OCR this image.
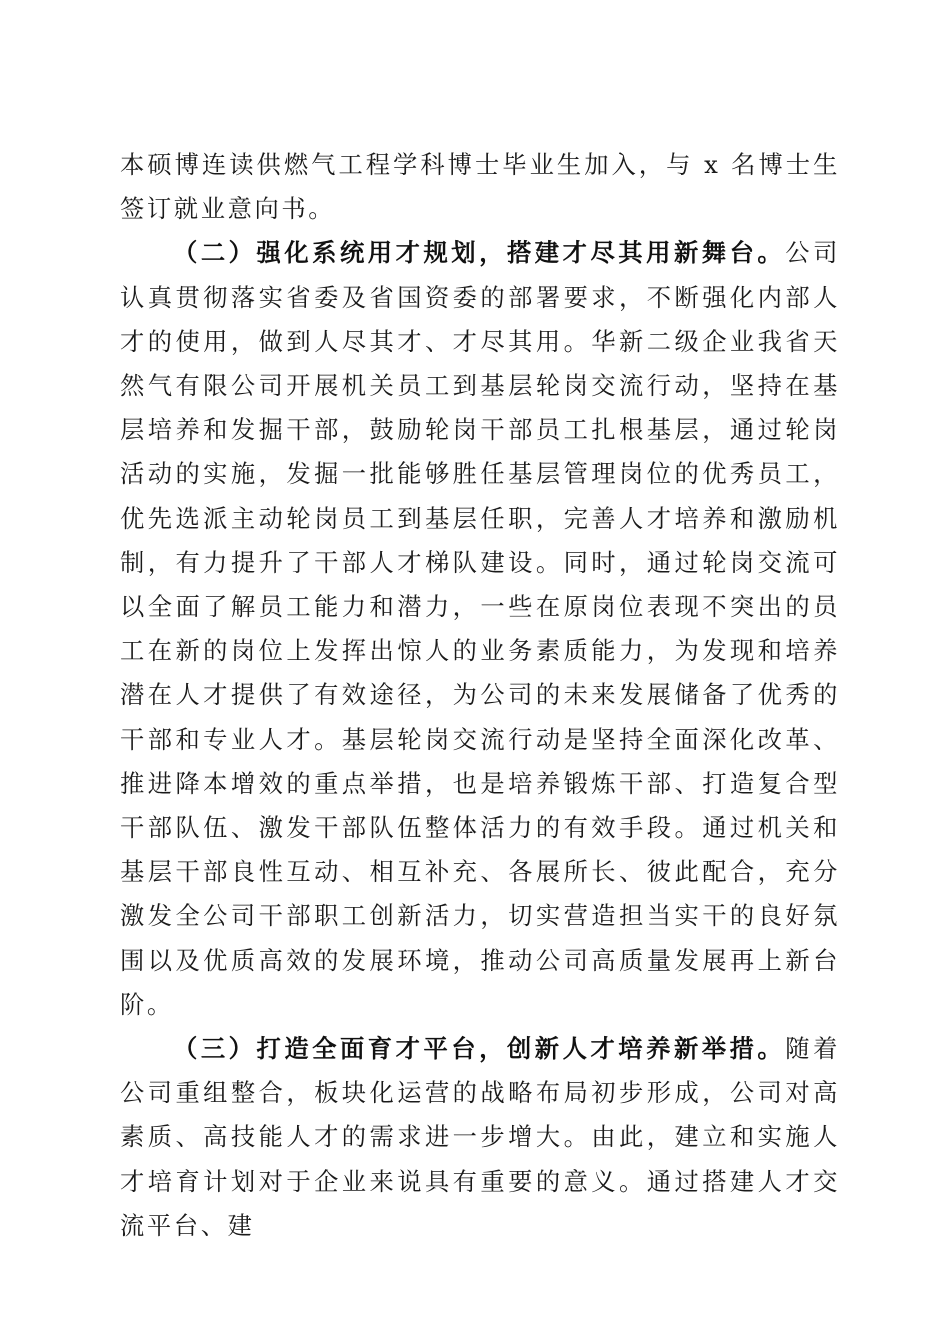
本硕博连读供燃气工程学科博士毕业生加入，与 x 名博士生签订就业意向书。

（二）强化系统用才规划，搭建才尽其用新舞台。公司认真贯彻落实省委及省国资委的部署要求，不断强化内部人才的使用，做到人尽其才、才尽其用。华新二级企业我省天然气有限公司开展机关员工到基层轮岗交流行动，坚持在基层培养和发掘干部，鼓励轮岗干部员工扎根基层，通过轮岗活动的实施，发掘一批能够胜任基层管理岗位的优秀员工，优先选派主动轮岗员工到基层任职，完善人才培养和激励机制，有力提升了干部人才梯队建设。同时，通过轮岗交流可以全面了解员工能力和潜力，一些在原岗位表现不突出的员工在新的岗位上发挥出惊人的业务素质能力，为发现和培养潜在人才提供了有效途径，为公司的未来发展储备了优秀的干部和专业人才。基层轮岗交流行动是坚持全面深化改革、推进降本增效的重点举措，也是培养锻炼干部、打造复合型干部队伍、激发干部队伍整体活力的有效手段。通过机关和基层干部良性互动、相互补充、各展所长、彼此配合，充分激发全公司干部职工创新活力，切实营造担当实干的良好氛围以及优质高效的发展环境，推动公司高质量发展再上新台阶。

（三）打造全面育才平台，创新人才培养新举措。随着公司重组整合，板块化运营的战略布局初步形成，公司对高素质、高技能人才的需求进一步增大。由此，建立和实施人才培育计划对于企业来说具有重要的意义。通过搭建人才交流平台、建
